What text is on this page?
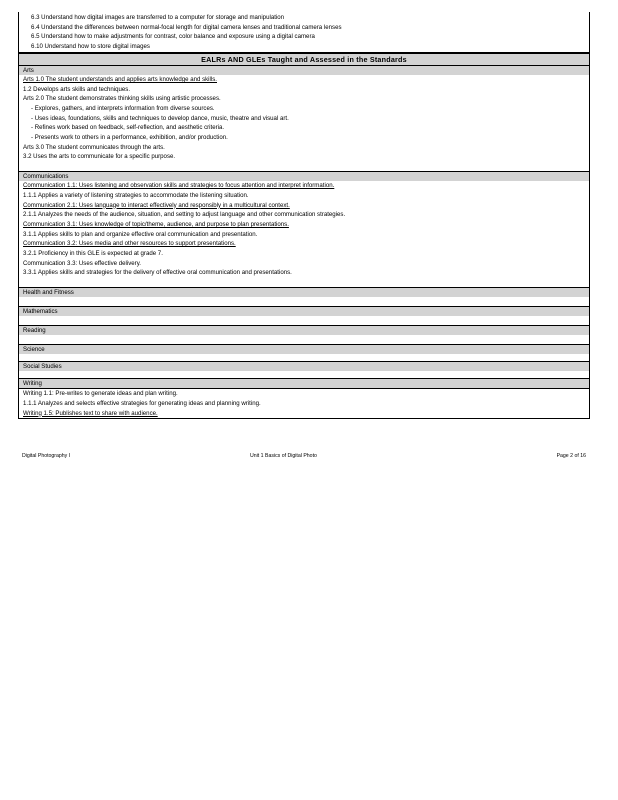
6.3 Understand how digital images are transferred to a computer for storage and manipulation
6.4 Understand the differences between normal-focal length for digital camera lenses and traditional camera lenses
6.5 Understand how to make adjustments for contrast, color balance and exposure using a digital camera
6.10 Understand how to store digital images
EALRs AND GLEs Taught and Assessed in the Standards
Arts
Arts 1.0 The student understands and applies arts knowledge and skills.
1.2 Develops arts skills and techniques.
Arts 2.0 The student demonstrates thinking skills using artistic processes.
- Explores, gathers, and interprets information from diverse sources.
- Uses ideas, foundations, skills and techniques to develop dance, music, theatre and visual art.
- Refines work based on feedback, self-reflection, and aesthetic criteria.
- Presents work to others in a performance, exhibition, and/or production.
Arts 3.0 The student communicates through the arts.
3.2 Uses the arts to communicate for a specific purpose.
Communications
Communication 1.1: Uses listening and observation skills and strategies to focus attention and interpret information.
1.1.1 Applies a variety of listening strategies to accommodate the listening situation.
Communication 2.1: Uses language to interact effectively and responsibly in a multicultural context.
2.1.1 Analyzes the needs of the audience, situation, and setting to adjust language and other communication strategies.
Communication 3.1: Uses knowledge of topic/theme, audience, and purpose to plan presentations.
3.1.1 Applies skills to plan and organize effective oral communication and presentation.
Communication 3.2: Uses media and other resources to support presentations.
3.2.1 Proficiency in this GLE is expected at grade 7.
Communication 3.3: Uses effective delivery.
3.3.1 Applies skills and strategies for the delivery of effective oral communication and presentations.
Health and Fitness
Mathematics
Reading
Science
Social Studies
Writing
Writing 1.1: Pre-writes to generate ideas and plan writing.
1.1.1 Analyzes and selects effective strategies for generating ideas and planning writing.
Writing 1.5: Publishes text to share with audience.
Digital Photography I	Unit 1 Basics of Digital Photo	Page 2 of 16
